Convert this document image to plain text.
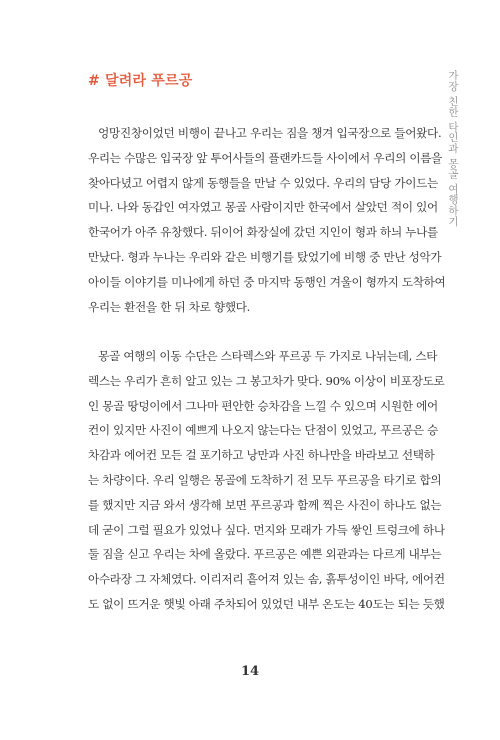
# 달려라 푸르공	가장 친한 타인과 몽골 여행하기
엉망진창이었던 비행이 끝나고 우리는 짐을 챙겨 입국장으로 들어왔다.
우리는 수많은 입국장 앞 투어사들의 플랜카드들 사이에서 우리의 이름을
찾아다녔고 어렵지 않게 동행들을 만날 수 있었다. 우리의 담당 가이드는
미나. 나와 동갑인 여자였고 몽골 사람이지만 한국에서 살았던 적이 있어
한국어가 아주 유창했다. 뒤이어 화장실에 갔던 지인이 형과 하늬 누나를
만났다. 형과 누나는 우리와 같은 비행기를 탔었기에 비행 중 만난 성악가
아이들 이야기를 미나에게 하던 중 마지막 동행인 겨울이 형까지 도착하여
우리는 환전을 한 뒤 차로 향했다.
몽골 여행의 이동 수단은 스타렉스와 푸르공 두 가지로 나뉘는데, 스타
렉스는 우리가 흔히 알고 있는 그 봉고차가 맞다. 90% 이상이 비포장도로
인 몽골 땅덩이에서 그나마 편안한 승차감을 느낄 수 있으며 시원한 에어
컨이 있지만 사진이 예쁘게 나오지 않는다는 단점이 있었고, 푸르공은 승
차감과 에어컨 모든 걸 포기하고 낭만과 사진 하나만을 바라보고 선택하
는 차량이다. 우리 일행은 몽골에 도착하기 전 모두 푸르공을 타기로 합의
를 했지만 지금 와서 생각해 보면 푸르공과 함께 찍은 사진이 하나도 없는
데 굳이 그럴 필요가 있었나 싶다. 먼지와 모래가 가득 쌓인 트렁크에 하나
둘 짐을 싣고 우리는 차에 올랐다. 푸르공은 예쁜 외관과는 다르게 내부는
아수라장 그 자체였다. 이리저리 흩어져 있는 솜, 흙투성이인 바닥, 에어컨
도 없이 뜨거운 햇빛 아래 주차되어 있었던 내부 온도는 40도는 되는 듯했
14
